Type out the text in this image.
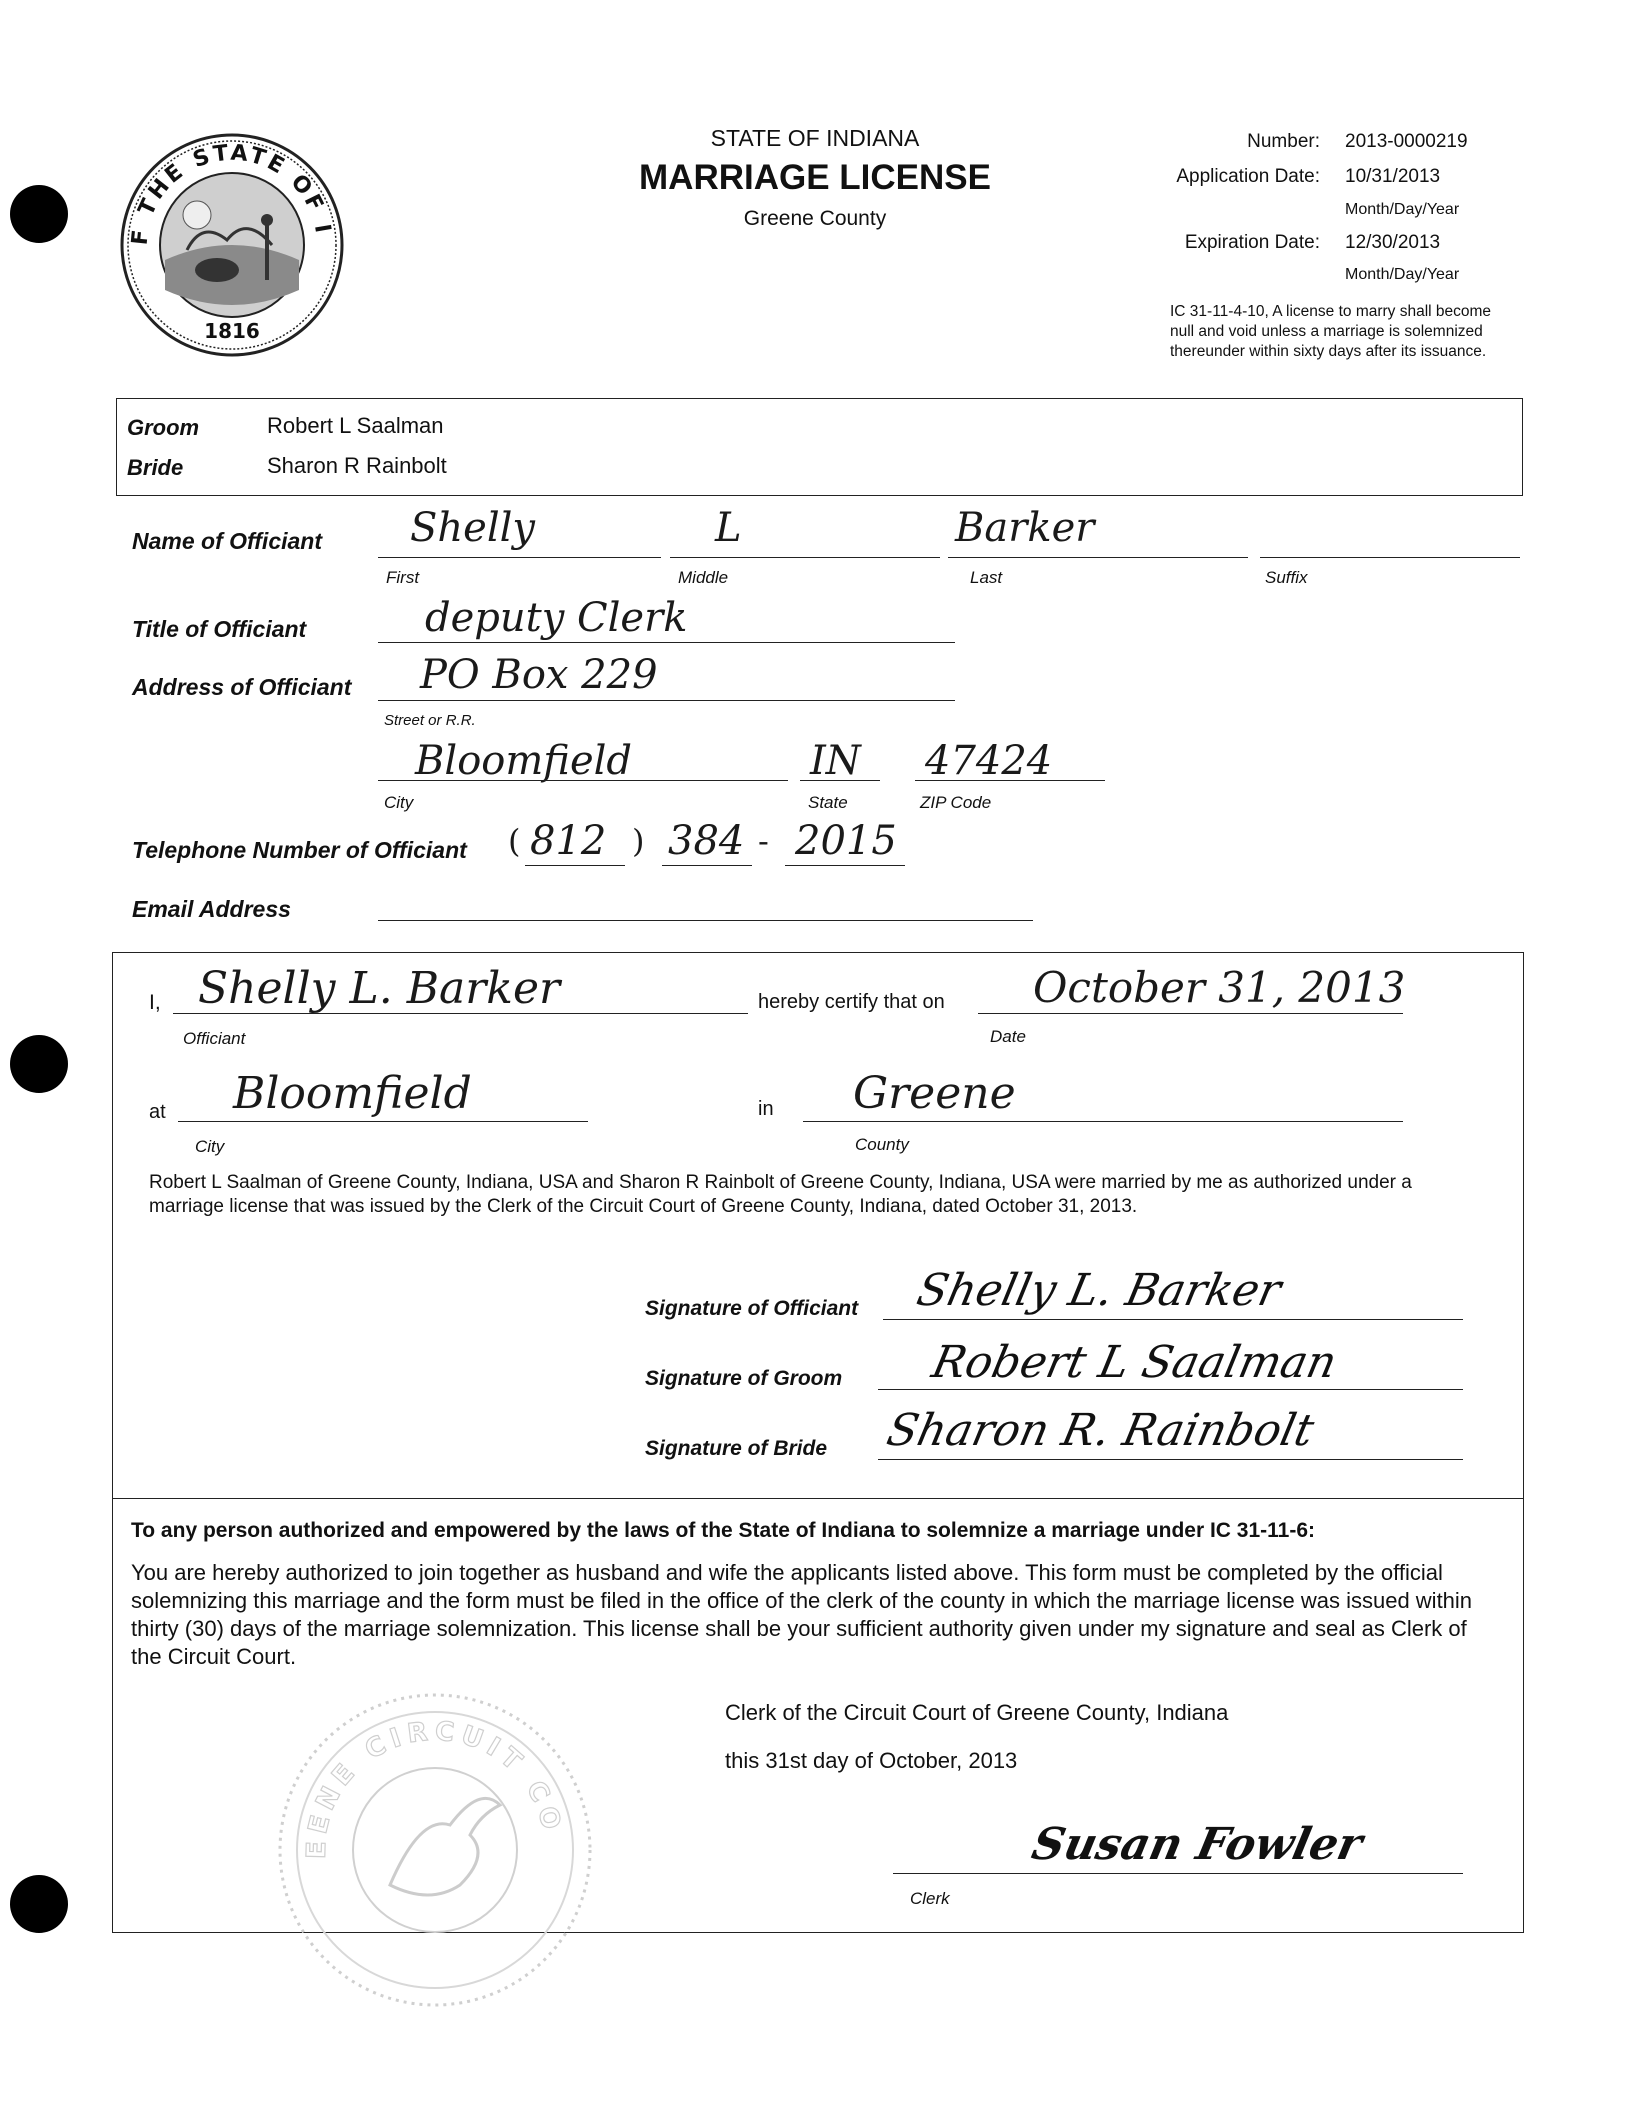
F THE STATE OF I
1816
STATE OF INDIANA
MARRIAGE LICENSE
Greene County
Number: 2013-0000219
Application Date: 10/31/2013
Month/Day/Year
Expiration Date: 12/30/2013
Month/Day/Year
IC 31-11-4-10, A license to marry shall become null and void unless a marriage is solemnized thereunder within sixty days after its issuance.
Groom	Robert L Saalman
Bride	Sharon R Rainbolt
Name of Officiant Shelly	L	Barker
First	Middle	Last	Suffix
Title of Officiant	deputy Clerk
Address of Officiant PO Box 229
Street or R.R.
Bloomfield	IN 47424
City	State	ZIP Code
Telephone Number of Officiant ( 812 ) 384 - 2015
Email Address
I, Shelly L. Barker
Officiant
hereby certify that on October 31, 2013
Date
at Bloomfield
City
in Greene
County
Robert L Saalman of Greene County, Indiana, USA and Sharon R Rainbolt of Greene County, Indiana, USA were married by me as authorized under a marriage license that was issued by the Clerk of the Circuit Court of Greene County, Indiana, dated October 31, 2013.
Signature of Officiant Shelly L. Barker
Signature of Groom Robert L Saalman
Signature of Bride Sharon R. Rainbolt
To any person authorized and empowered by the laws of the State of Indiana to solemnize a marriage under IC 31-11-6:
You are hereby authorized to join together as husband and wife the applicants listed above. This form must be completed by the official solemnizing this marriage and the form must be filed in the office of the clerk of the county in which the marriage license was issued within thirty (30) days of the marriage solemnization. This license shall be your sufficient authority given under my signature and seal as Clerk of the Circuit Court.
Clerk of the Circuit Court of Greene County, Indiana
this 31st day of October, 2013
Susan Fowler
Clerk
EENE CIRCUIT CO
